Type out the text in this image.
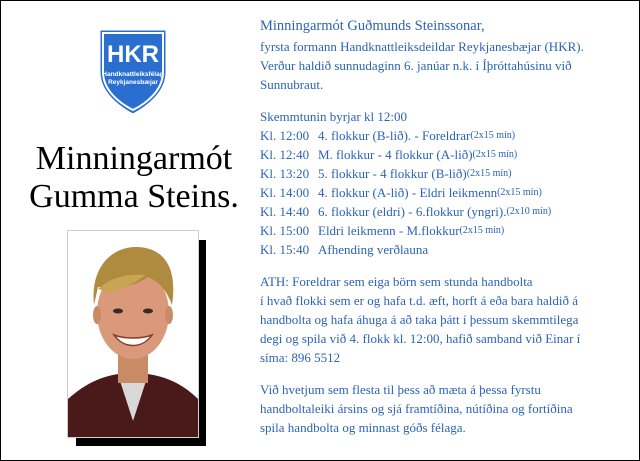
HKR
Handknattleiksfélag
Reykjanesbæjar
Minningarmót
Gumma Steins.
Minningarmót Guðmunds Steinssonar,
fyrsta formann Handknattleiksdeildar Reykjanesbæjar (HKR).
Verður haldið sunnudaginn 6. janúar n.k. í Íþróttahúsinu við
Sunnubraut.
Skemmtunin byrjar kl 12:00
Kl. 12:00 4. flokkur (B-lið). - Foreldrar (2x15 mín)
Kl. 12:40 M. flokkur - 4 flokkur (A-lið) (2x15 mín)
Kl. 13:20 5. flokkur - 4 flokkur (B-lið) (2x15 mín)
Kl. 14:00 4. flokkur (A-lið) - Eldri leikmenn (2x15 mín)
Kl. 14:40 6. flokkur (eldri) - 6.flokkur (yngri). (2x10 mín)
Kl. 15:00 Eldri leikmenn - M.flokkur (2x15 mín)
Kl. 15:40 Afhending verðlauna
ATH: Foreldrar sem eiga börn sem stunda handbolta
í hvað flokki sem er og hafa t.d. æft, horft á eða bara haldið á
handbolta og hafa áhuga á að taka þátt í þessum skemmtilega
degi og spila við 4. flokk kl. 12:00, hafið samband við Einar í
síma: 896 5512
Við hvetjum sem flesta til þess að mæta á þessa fyrstu
handboltaleiki ársins og sjá framtíðina, nútíðina og fortíðina
spila handbolta og minnast góðs félaga.
